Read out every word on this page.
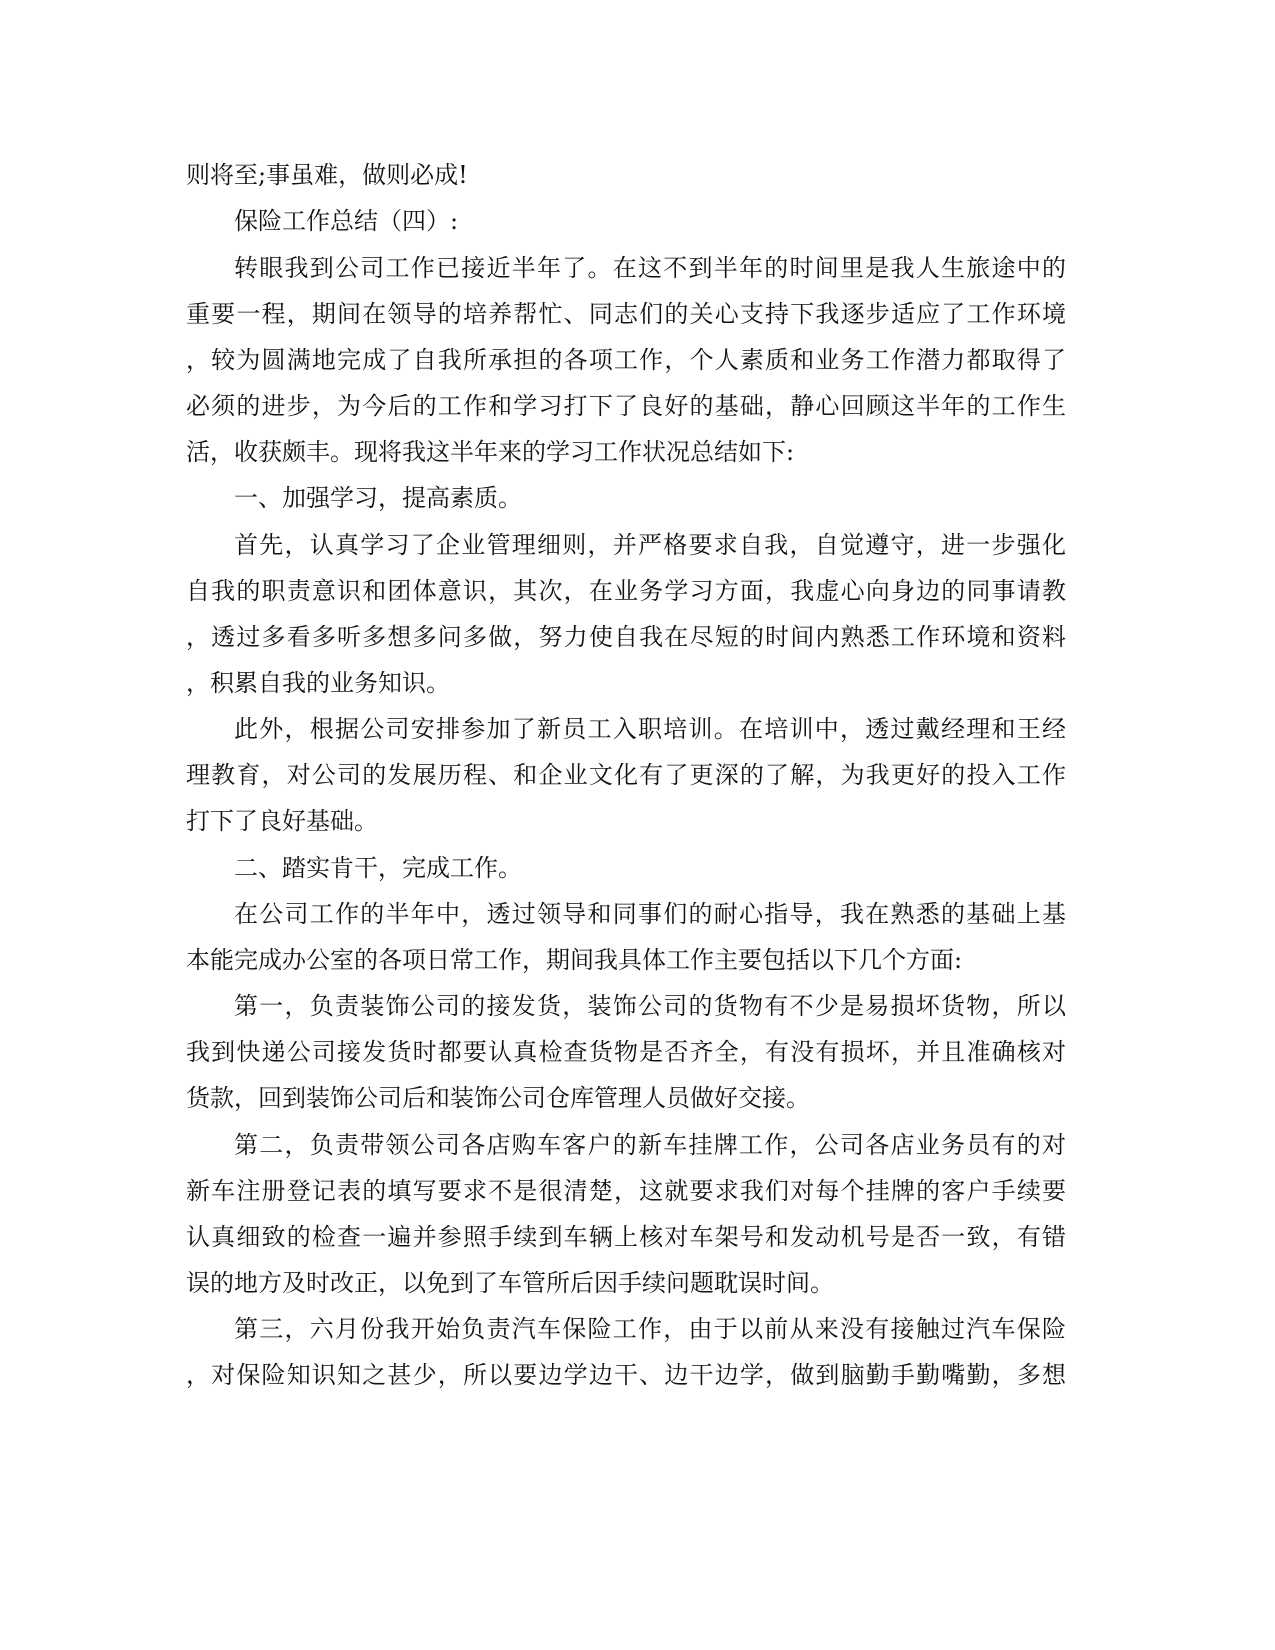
则将至;事虽难，做则必成!
保险工作总结（四）:
转眼我到公司工作已接近半年了。在这不到半年的时间里是我人生旅途中的
重要一程，期间在领导的培养帮忙、同志们的关心支持下我逐步适应了工作环境
，较为圆满地完成了自我所承担的各项工作，个人素质和业务工作潜力都取得了
必须的进步，为今后的工作和学习打下了良好的基础，静心回顾这半年的工作生
活，收获颇丰。现将我这半年来的学习工作状况总结如下:
一、加强学习，提高素质。
首先，认真学习了企业管理细则，并严格要求自我，自觉遵守，进一步强化
自我的职责意识和团体意识，其次，在业务学习方面，我虚心向身边的同事请教
，透过多看多听多想多问多做，努力使自我在尽短的时间内熟悉工作环境和资料
，积累自我的业务知识。
此外，根据公司安排参加了新员工入职培训。在培训中，透过戴经理和王经
理教育，对公司的发展历程、和企业文化有了更深的了解，为我更好的投入工作
打下了良好基础。
二、踏实肯干，完成工作。
在公司工作的半年中，透过领导和同事们的耐心指导，我在熟悉的基础上基
本能完成办公室的各项日常工作，期间我具体工作主要包括以下几个方面:
第一，负责装饰公司的接发货，装饰公司的货物有不少是易损坏货物，所以
我到快递公司接发货时都要认真检查货物是否齐全，有没有损坏，并且准确核对
货款，回到装饰公司后和装饰公司仓库管理人员做好交接。
第二，负责带领公司各店购车客户的新车挂牌工作，公司各店业务员有的对
新车注册登记表的填写要求不是很清楚，这就要求我们对每个挂牌的客户手续要
认真细致的检查一遍并参照手续到车辆上核对车架号和发动机号是否一致，有错
误的地方及时改正，以免到了车管所后因手续问题耽误时间。
第三，六月份我开始负责汽车保险工作，由于以前从来没有接触过汽车保险
，对保险知识知之甚少，所以要边学边干、边干边学，做到脑勤手勤嘴勤，多想
